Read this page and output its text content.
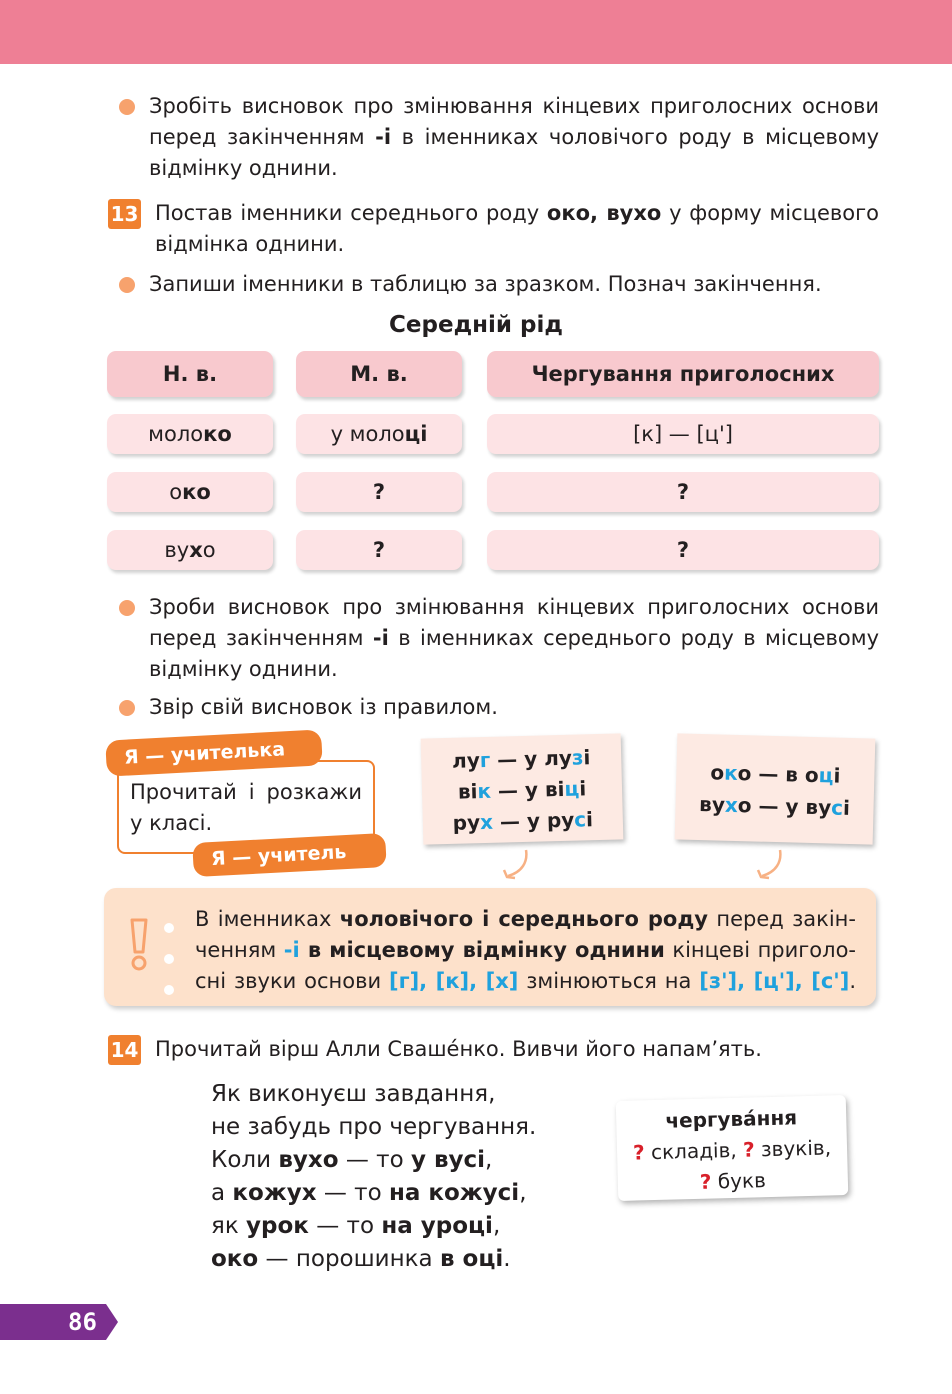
Зробіть висновок про змінювання кінцевих приголосних основи
перед закінченням -і в іменниках чоловічого роду в місцевому
відмінку однини.
13 Постав іменники середнього роду око, вухо у форму місцевого
відмінка однини.
Запиши іменники в таблицю за зразком. Познач закінчення.
Середній рід
Н. в.	М. в.	Чергування приголосних
молоко	у молоці	[к] — [ц']
око	?	?
вухо	?	?
Зроби висновок про змінювання кінцевих приголосних основи
перед закінченням -і в іменниках середнього роду в місцевому
відмінку однини.
Звір свій висновок із правилом.
Я — учителька
Прочитай і розкажи
у класі.
Я — учитель
луг — у лузі
вік — у віці
рух — у русі
око — в оці
вухо — у вусі
В іменниках чоловічого і середнього роду перед закін-
ченням -і в місцевому відмінку однини кінцеві приголо-
сні звуки основи [г], [к], [х] змінюються на [з'], [ц'], [с'].
14 Прочитай вірш Алли Свашéнко. Вивчи його напам’ять.
Як виконуєш завдання,
не забудь про чергування.
Коли вухо — то у вусі,
а кожух — то на кожусі,
як урок — то на уроці,
око — порошинка в оці.
чергува́ння
? складів, ? звуків,
? букв
86
